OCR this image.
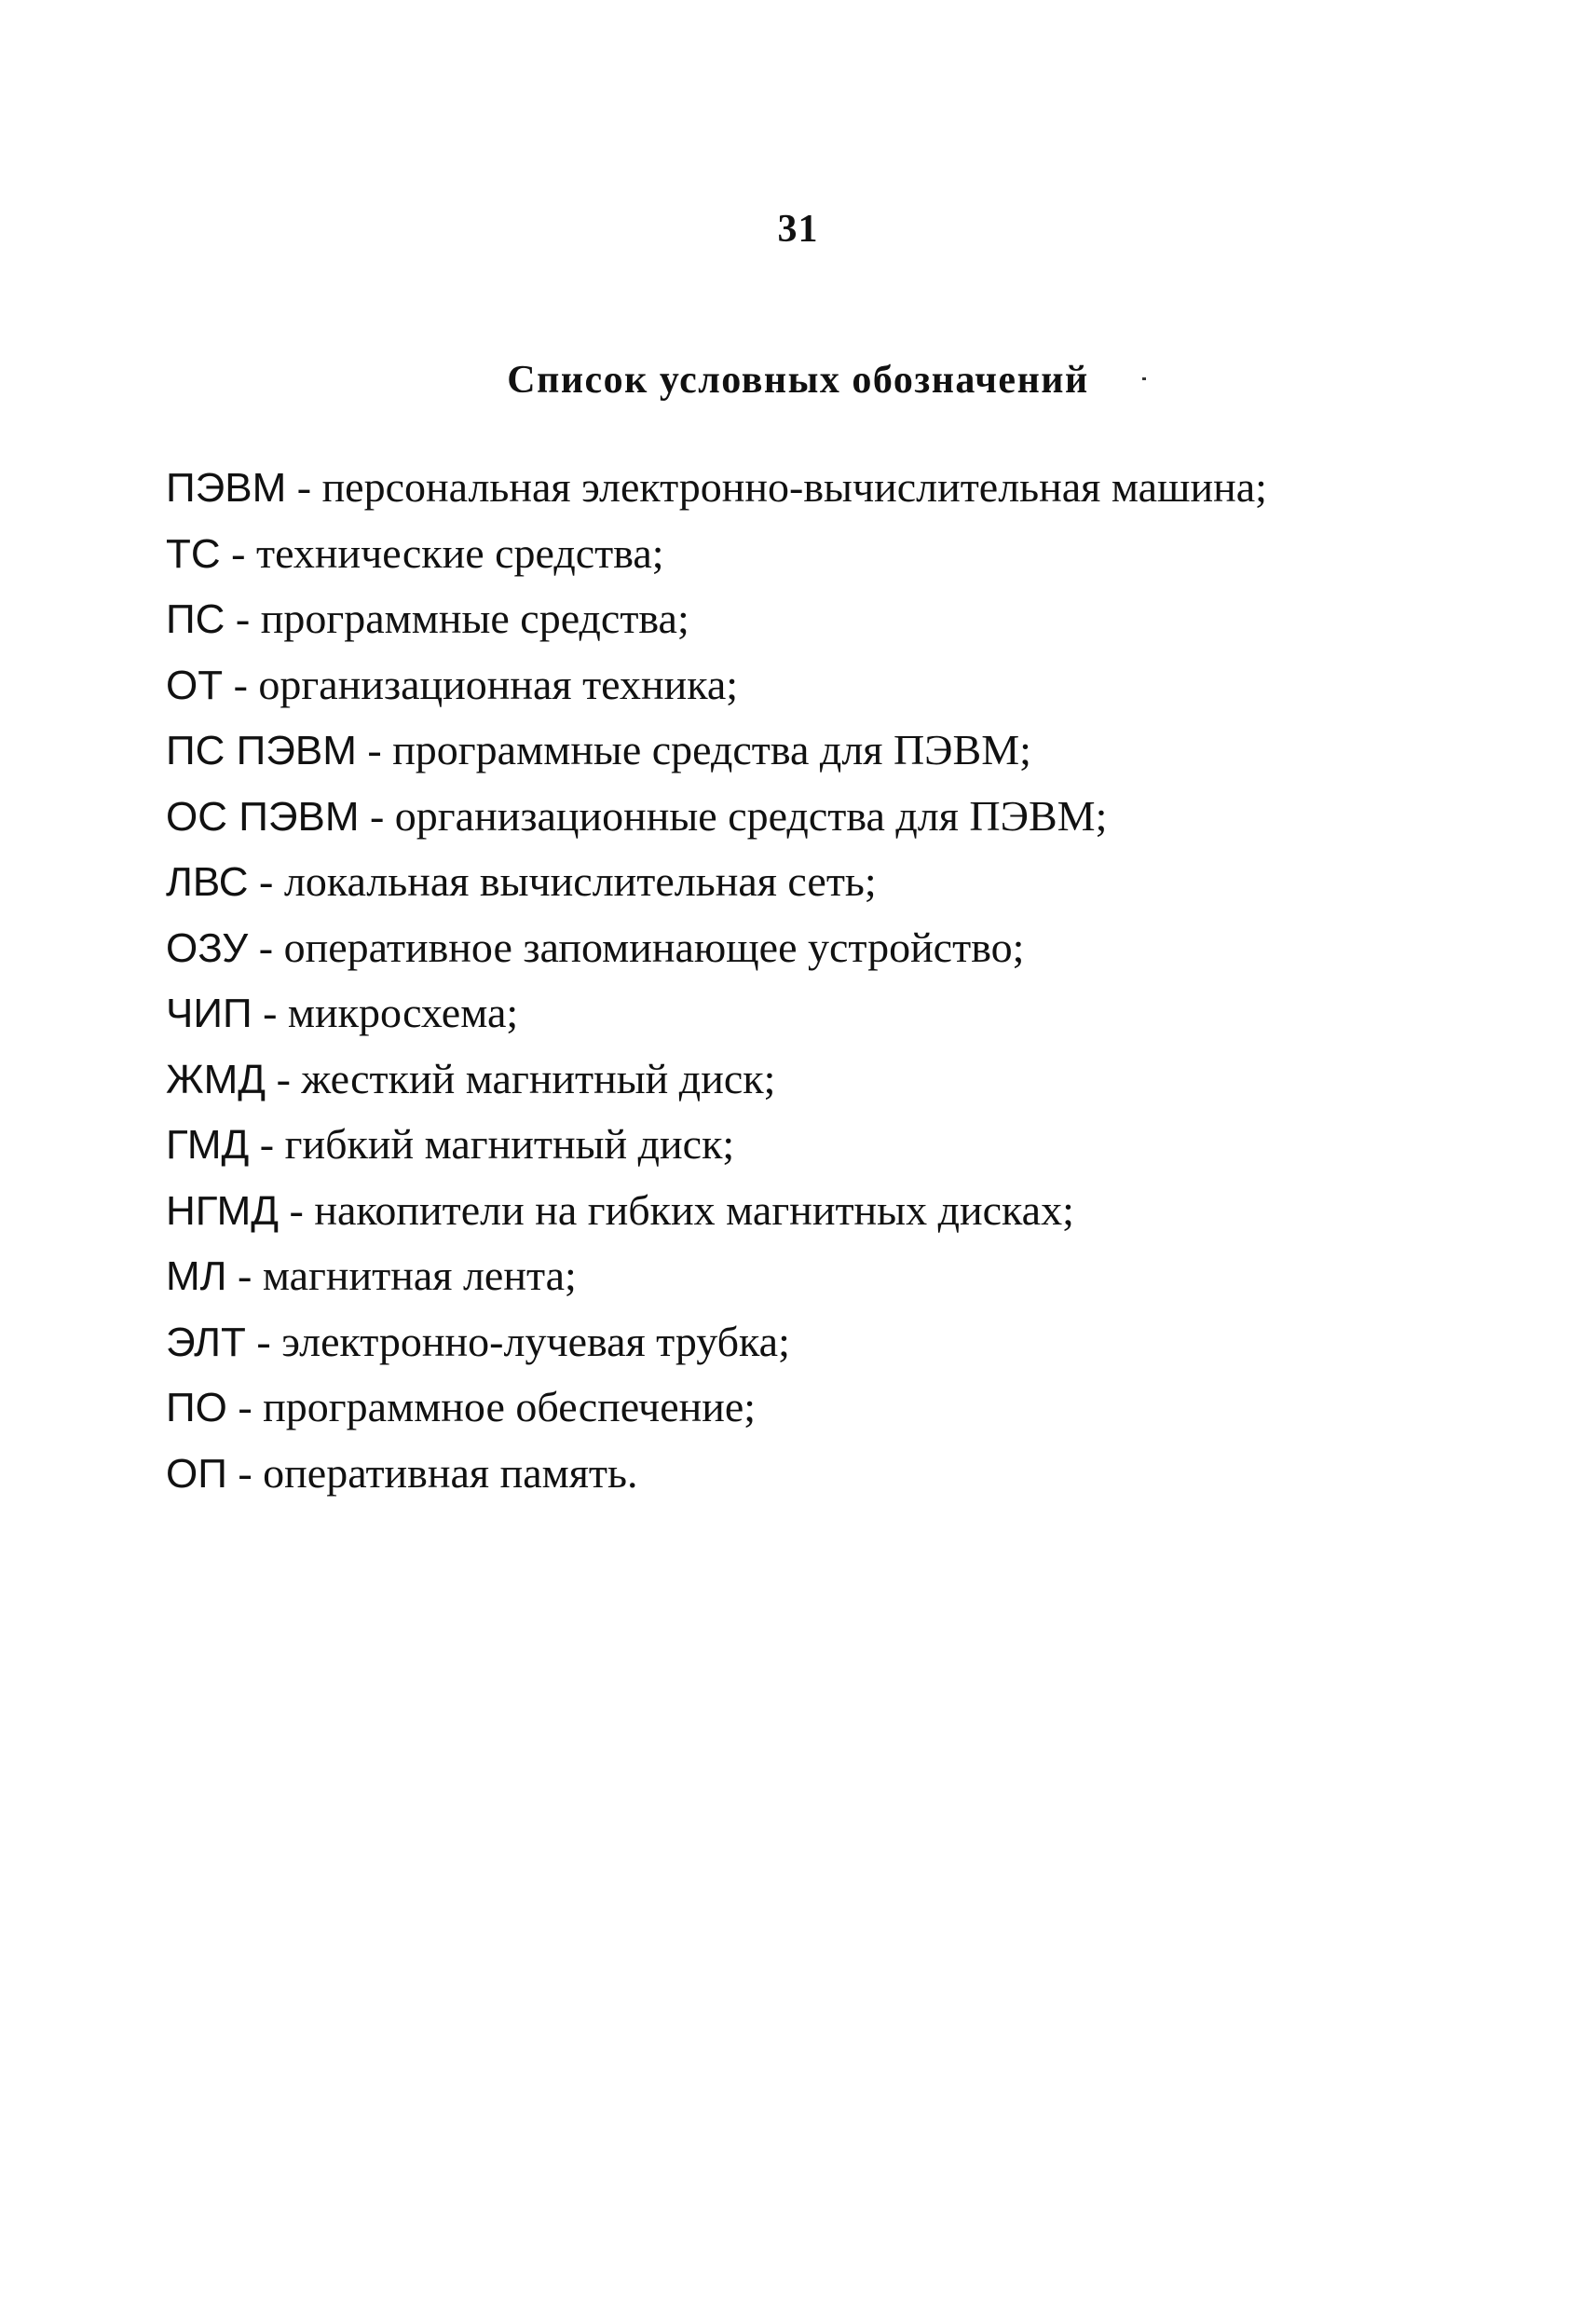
31
Список условных обозначений
ПЭВМ - персональная электронно-вычислительная машина;
ТС - технические средства;
ПС - программные средства;
ОТ - организационная техника;
ПС ПЭВМ - программные средства для ПЭВМ;
ОС ПЭВМ - организационные средства для ПЭВМ;
ЛВС - локальная вычислительная сеть;
ОЗУ - оперативное запоминающее устройство;
ЧИП - микросхема;
ЖМД - жесткий магнитный диск;
ГМД - гибкий магнитный диск;
НГМД - накопители на гибких магнитных дисках;
МЛ - магнитная лента;
ЭЛТ - электронно-лучевая трубка;
ПО - программное обеспечение;
ОП - оперативная память.
